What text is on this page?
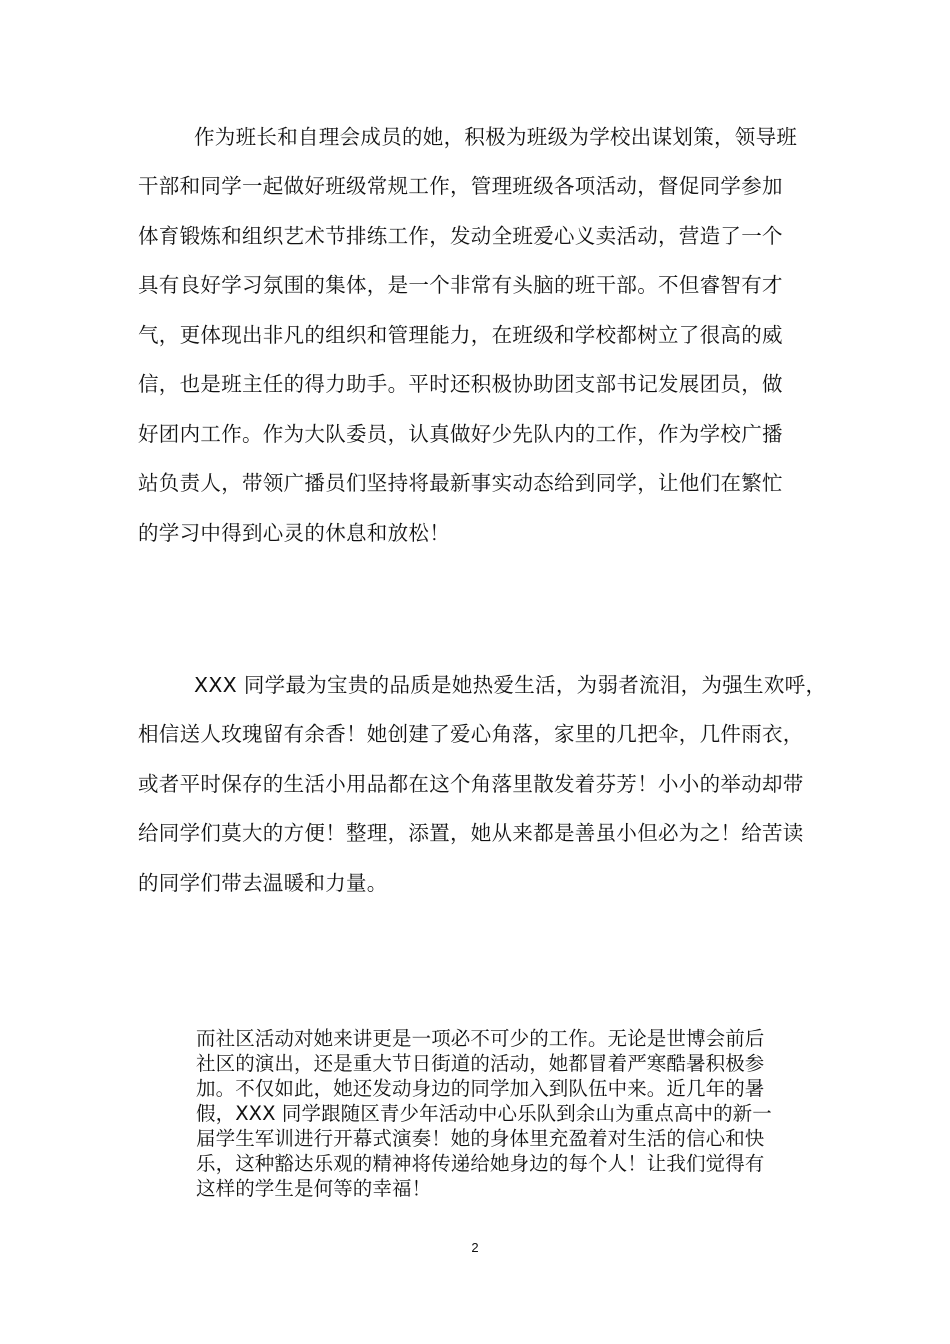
作为班长和自理会成员的她，积极为班级为学校出谋划策，领导班
干部和同学一起做好班级常规工作，管理班级各项活动，督促同学参加
体育锻炼和组织艺术节排练工作，发动全班爱心义卖活动，营造了一个
具有良好学习氛围的集体，是一个非常有头脑的班干部。不但睿智有才
气，更体现出非凡的组织和管理能力，在班级和学校都树立了很高的威
信，也是班主任的得力助手。平时还积极协助团支部书记发展团员，做
好团内工作。作为大队委员，认真做好少先队内的工作，作为学校广播
站负责人，带领广播员们坚持将最新事实动态给到同学，让他们在繁忙
的学习中得到心灵的休息和放松！
XXX 同学最为宝贵的品质是她热爱生活，为弱者流泪，为强生欢呼，
相信送人玫瑰留有余香！她创建了爱心角落，家里的几把伞，几件雨衣，
或者平时保存的生活小用品都在这个角落里散发着芬芳！小小的举动却带
给同学们莫大的方便！整理，添置，她从来都是善虽小但必为之！给苦读
的同学们带去温暖和力量。
而社区活动对她来讲更是一项必不可少的工作。无论是世博会前后
社区的演出，还是重大节日街道的活动，她都冒着严寒酷暑积极参
加。不仅如此，她还发动身边的同学加入到队伍中来。近几年的暑
假，XXX 同学跟随区青少年活动中心乐队到余山为重点高中的新一
届学生军训进行开幕式演奏！她的身体里充盈着对生活的信心和快
乐，这种豁达乐观的精神将传递给她身边的每个人！让我们觉得有
这样的学生是何等的幸福！
2
